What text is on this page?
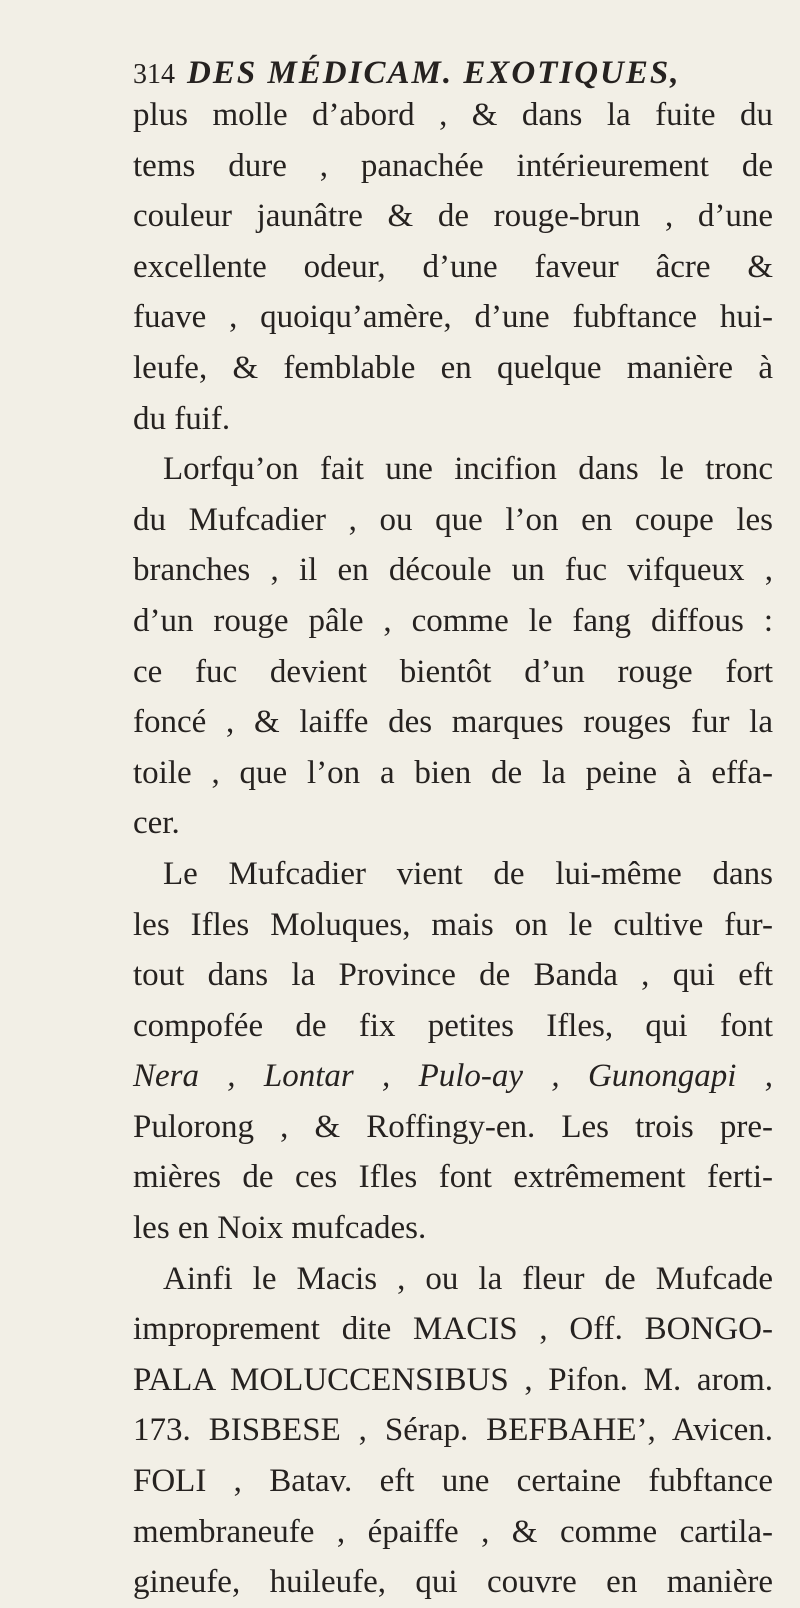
314 DES MÉDICAM. EXOTIQUES,
plus molle d’abord , & dans la fuite du
tems dure , panachée intérieurement de
couleur jaunâtre & de rouge-brun , d’une
excellente odeur, d’une faveur âcre &
fuave , quoiqu’amère, d’une fubftance hui-
leufe, & femblable en quelque manière à
du fuif.
Lorfqu’on fait une incifion dans le tronc
du Mufcadier , ou que l’on en coupe les
branches , il en découle un fuc vifqueux ,
d’un rouge pâle , comme le fang diffous :
ce fuc devient bientôt d’un rouge fort
foncé , & laiffe des marques rouges fur la
toile , que l’on a bien de la peine à effa-
cer.
Le Mufcadier vient de lui-même dans
les Ifles Moluques, mais on le cultive fur-
tout dans la Province de Banda , qui eft
compofée de fix petites Ifles, qui font
Nera , Lontar , Pulo-ay , Gunongapi ,
Pulorong , & Roffingy-en. Les trois pre-
mières de ces Ifles font extrêmement ferti-
les en Noix mufcades.
Ainfi le Macis , ou la fleur de Mufcade
improprement dite MACIS , Off. BONGO-
PALA MOLUCCENSIBUS , Pifon. M. arom.
173. BISBESE , Sérap. BEFBAHE’, Avicen.
FOLI , Batav. eft une certaine fubftance
membraneufe , épaiffe , & comme cartila-
gineufe, huileufe, qui couvre en manière
